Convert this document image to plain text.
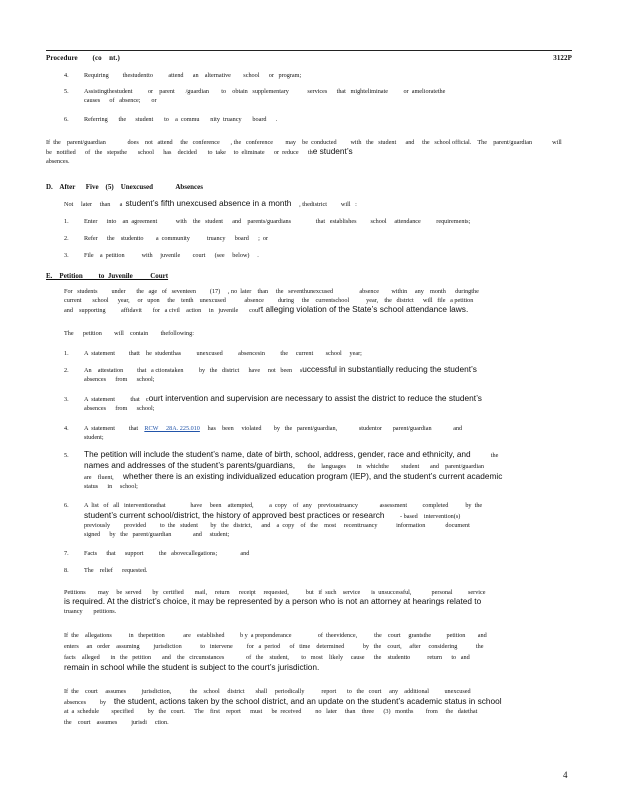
Procedure        (co    nt.)	3122P
4.	Requiring         thestudentto          attend      an    alternative        school      or   program;
5.	Assistingthestudent          or    parent       /guardian        to    obtain   supplementary            services      that   mighteliminate          or  amelioratethe
causes      of   absence;       or
6.	Referring       the      student       to    a  commu       nity  truancy       board      .
If  the    parent/guardian              does    not   attend     the   conference       , the   conference        may    be  conducted         with   the   student      and     the   school official.    The    parent/guardian             will   be   notified      of   the   stepsthe       school      has    decided       to  take     to  eliminate      or  reduce      the student’s
absences.
D.    After      Five    (5)    Unexcused             Absences
Not     later     than      a  student’s fifth unexcused absence in a month     , thedistrict         will   :
1.	Enter      into    an  agreement            with    the   student      and    parents/guardians                that   establishes         school     attendance          requirements;
2.	Refer      the    studentto        a  community           truancy      board      ;  or
3.	File    a  petition           with     juvenile        court      (see     below)     .
E.    Petition         to  Juvenile          Court
For   students         under       the   age   of   seventeen         (17)     , no  later    than     the   seventhunexcused                 absence        within     any    month      duringthe
current       school      year,     or   upon     the    tenth    unexcused            absence         during     the    currentschool           year,    the   district      will   file   a petition
and    supporting          affidavit       for   a civil    action     in   juvenile       court alleging violation of the State’s school attendance laws.
The      petition        will    contain        thefollowing:
1.	A  statement         thatt    he  studenthas          unexcused          absencesin          the     current        school     year;
2.	An    attestation         that   a ctionstaken          by   the   district      have     not   been     successful in substantially reducing the student’s
absences      from      school;
3.	A  statement          that    court intervention and supervision are necessary to assist the district to reduce the student’s
absences      from      school;
4.	A  statement         that    RCW     28A. 225.010     has    been     violated        by   the   parent/guardian,              studentor       parent/guardian              and
student;
5.	The petition will include the student’s name, date of birth, school, address, gender, race and ethnicity, and             the
names and addresses of the student’s parents/guardians,        the    languages       in   whichthe        student       and    parent/guardian
are    fluent,      whether there is an existing individualized education program (IEP), and the student’s current academic
status      in     school;
6.	A  list   of   all   interventionsthat                have     been    attempted,          a  copy    of   any    previoustruancy              assessment          completed           by  the
student’s current school/district, the history of approved best practices or research          - based    intervention(s)
previously         provided         to  the   student        by   the   district,      and    a  copy    of   the    most     recenttruancy            information             document
signed      by   the   parent/guardian              and     student;
7.	Facts      that      support          the   abovecallegations;               and
8.	The    relief      requested.
Petitions        may     be  served       by   certified       mail,     return      receipt     requested,           but   if  such    service       is  unsuccessful,             personal          service
is required. At the district’s choice, it may be represented by a person who is not an attorney at hearings related to
truancy       petitions.
If  the    allegations           in   thepetition            are    established          b y  a preponderance                 of  theevidence,           the    court     grantsthe          petition        and
enters     an   order    assuming         jurisdiction            to   intervene         for   a  period      of   time    determined            by   the    court,     after     considering            the
facts    alleged       in   the   petition       and    the   circumstances              of   the    student,        to   most    likely     cause      the    studentto           return      to   and
remain in school while the student is subject to the court’s jurisdiction.
If  the    court     assumes          jurisdiction,            the    school     district       shall     periodically           report       to   the   court     any    additional          unexcused
absences         by     the student, actions taken by the school district, and an update on the student’s academic status in school
at  a  schedule        specified         by   the   court.      The    first    report      must      be  received         no   later     than    three      (3)   months        from     the   datethat
the    court    assumes         jurisdi     ction.
4
